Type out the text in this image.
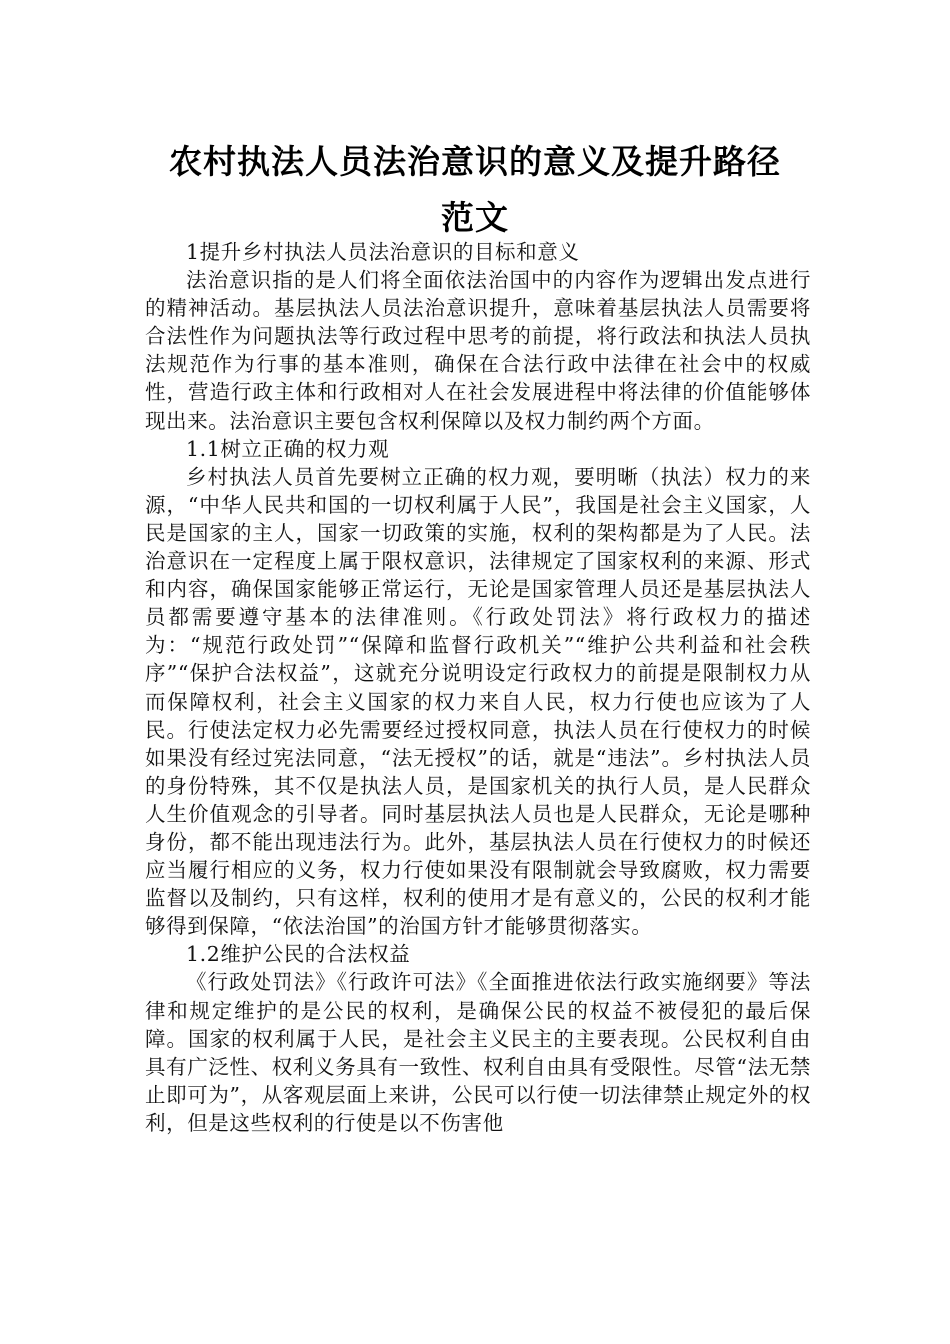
农村执法人员法治意识的意义及提升路径
范文

1提升乡村执法人员法治意识的目标和意义

法治意识指的是人们将全面依法治国中的内容作为逻辑出发点进行的精神活动。基层执法人员法治意识提升，意味着基层执法人员需要将合法性作为问题执法等行政过程中思考的前提，将行政法和执法人员执法规范作为行事的基本准则，确保在合法行政中法律在社会中的权威性，营造行政主体和行政相对人在社会发展进程中将法律的价值能够体现出来。法治意识主要包含权利保障以及权力制约两个方面。

1.1树立正确的权力观

乡村执法人员首先要树立正确的权力观，要明晰（执法）权力的来源，“中华人民共和国的一切权利属于人民”，我国是社会主义国家，人民是国家的主人，国家一切政策的实施，权利的架构都是为了人民。法治意识在一定程度上属于限权意识，法律规定了国家权利的来源、形式和内容，确保国家能够正常运行，无论是国家管理人员还是基层执法人员都需要遵守基本的法律准则。《行政处罚法》将行政权力的描述为：“规范行政处罚”“保障和监督行政机关”“维护公共利益和社会秩序”“保护合法权益”，这就充分说明设定行政权力的前提是限制权力从而保障权利，社会主义国家的权力来自人民，权力行使也应该为了人民。行使法定权力必先需要经过授权同意，执法人员在行使权力的时候如果没有经过宪法同意，“法无授权”的话，就是“违法”。乡村执法人员的身份特殊，其不仅是执法人员，是国家机关的执行人员，是人民群众人生价值观念的引导者。同时基层执法人员也是人民群众，无论是哪种身份，都不能出现违法行为。此外，基层执法人员在行使权力的时候还应当履行相应的义务，权力行使如果没有限制就会导致腐败，权力需要监督以及制约，只有这样，权利的使用才是有意义的，公民的权利才能够得到保障，“依法治国”的治国方针才能够贯彻落实。

1.2维护公民的合法权益

《行政处罚法》《行政许可法》《全面推进依法行政实施纲要》等法律和规定维护的是公民的权利，是确保公民的权益不被侵犯的最后保障。国家的权利属于人民，是社会主义民主的主要表现。公民权利自由具有广泛性、权利义务具有一致性、权利自由具有受限性。尽管“法无禁止即可为”，从客观层面上来讲，公民可以行使一切法律禁止规定外的权利，但是这些权利的行使是以不伤害他
